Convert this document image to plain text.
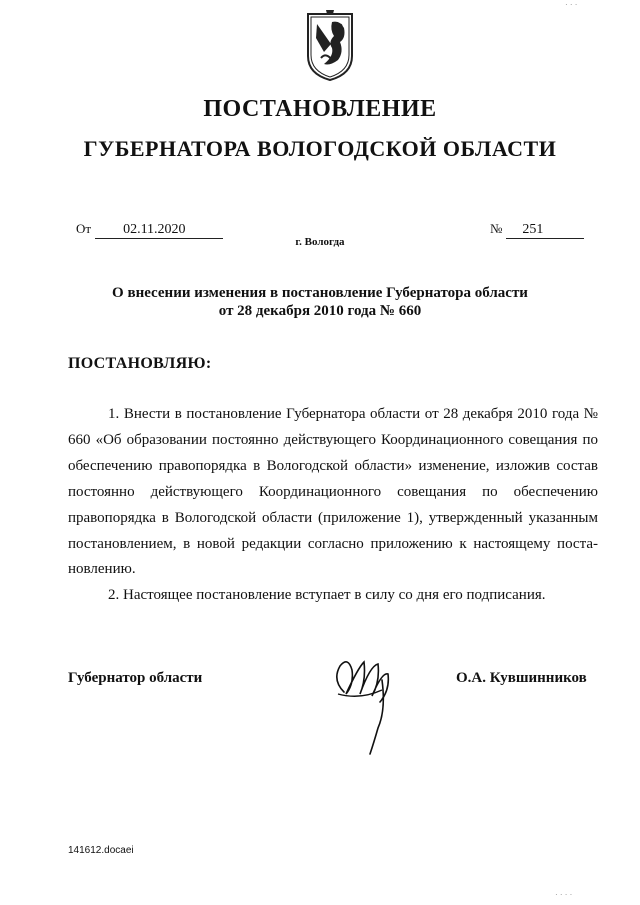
ПОСТАНОВЛЕНИЕ
ГУБЕРНАТОРА ВОЛОГОДСКОЙ ОБЛАСТИ
От 02.11.2020	№ 251
г. Вологда
О внесении изменения в постановление Губернатора области
от 28 декабря 2010 года № 660
ПОСТАНОВЛЯЮ:

1. Внести в постановление Губернатора области от 28 декабря 2010 года № 660 «Об образовании постоянно действующего Координационного совещания по обеспечению правопорядка в Вологодской области» изменение, изложив состав постоянно действующего Координационного совещания по обеспечению правопорядка в Вологодской области (приложение 1), утвержденный указанным постановлением, в новой редакции согласно приложению к настоящему постановлению.

2. Настоящее постановление вступает в силу со дня его подписания.

Губернатор области	О.А. Кувшинников
141612.docaei
· · ·
· · · ·
